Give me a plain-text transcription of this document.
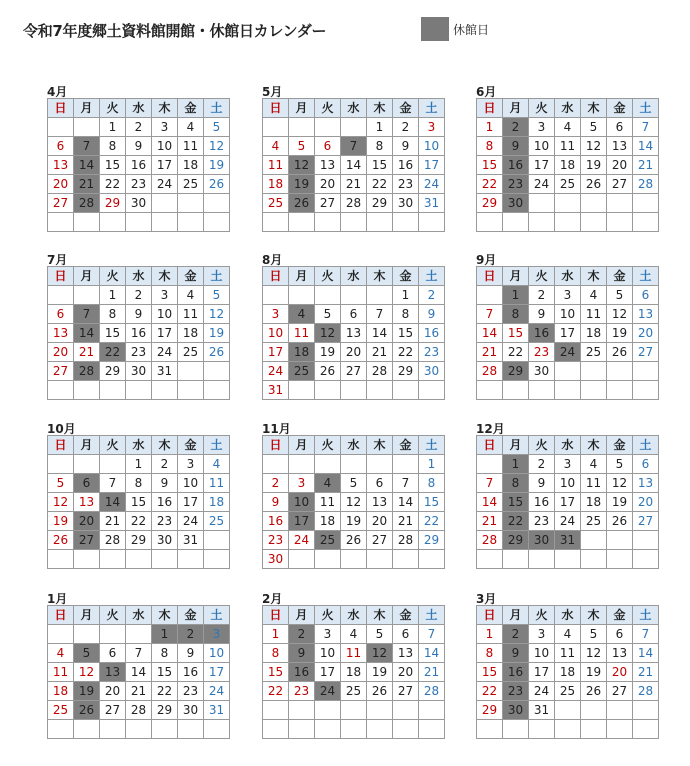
令和7年度郷土資料館開館・休館日カレンダー	休館日
4月
日	月	火	水	木	金	土
		1	2	3	4	5
6	7	8	9	10	11	12
13	14	15	16	17	18	19
20	21	22	23	24	25	26
27	28	29	30			

5月
日	月	火	水	木	金	土
				1	2	3
4	5	6	7	8	9	10
11	12	13	14	15	16	17
18	19	20	21	22	23	24
25	26	27	28	29	30	31

6月
日	月	火	水	木	金	土
1	2	3	4	5	6	7
8	9	10	11	12	13	14
15	16	17	18	19	20	21
22	23	24	25	26	27	28
29	30					

7月
日	月	火	水	木	金	土
		1	2	3	4	5
6	7	8	9	10	11	12
13	14	15	16	17	18	19
20	21	22	23	24	25	26
27	28	29	30	31		

8月
日	月	火	水	木	金	土
					1	2
3	4	5	6	7	8	9
10	11	12	13	14	15	16
17	18	19	20	21	22	23
24	25	26	27	28	29	30
31						
9月
日	月	火	水	木	金	土
	1	2	3	4	5	6
7	8	9	10	11	12	13
14	15	16	17	18	19	20
21	22	23	24	25	26	27
28	29	30				

10月
日	月	火	水	木	金	土
			1	2	3	4
5	6	7	8	9	10	11
12	13	14	15	16	17	18
19	20	21	22	23	24	25
26	27	28	29	30	31	

11月
日	月	火	水	木	金	土
						1
2	3	4	5	6	7	8
9	10	11	12	13	14	15
16	17	18	19	20	21	22
23	24	25	26	27	28	29
30						
12月
日	月	火	水	木	金	土
	1	2	3	4	5	6
7	8	9	10	11	12	13
14	15	16	17	18	19	20
21	22	23	24	25	26	27
28	29	30	31			

1月
日	月	火	水	木	金	土
				1	2	3
4	5	6	7	8	9	10
11	12	13	14	15	16	17
18	19	20	21	22	23	24
25	26	27	28	29	30	31

2月
日	月	火	水	木	金	土
1	2	3	4	5	6	7
8	9	10	11	12	13	14
15	16	17	18	19	20	21
22	23	24	25	26	27	28

3月
日	月	火	水	木	金	土
1	2	3	4	5	6	7
8	9	10	11	12	13	14
15	16	17	18	19	20	21
22	23	24	25	26	27	28
29	30	31				
